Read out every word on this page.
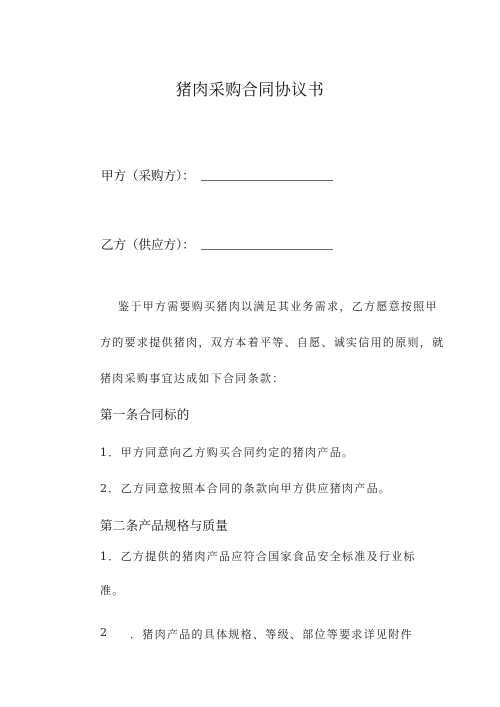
猪肉采购合同协议书
甲方（采购方）：
乙方（供应方）：
鉴于甲方需要购买猪肉以满足其业务需求，乙方愿意按照甲
方的要求提供猪肉，双方本着平等、自愿、诚实信用的原则，就
猪肉采购事宜达成如下合同条款：
第一条合同标的
1．甲方同意向乙方购买合同约定的猪肉产品。
2．乙方同意按照本合同的条款向甲方供应猪肉产品。
第二条产品规格与质量
1．乙方提供的猪肉产品应符合国家食品安全标准及行业标
准。
2 ．猪肉产品的具体规格、等级、部位等要求详见附件
